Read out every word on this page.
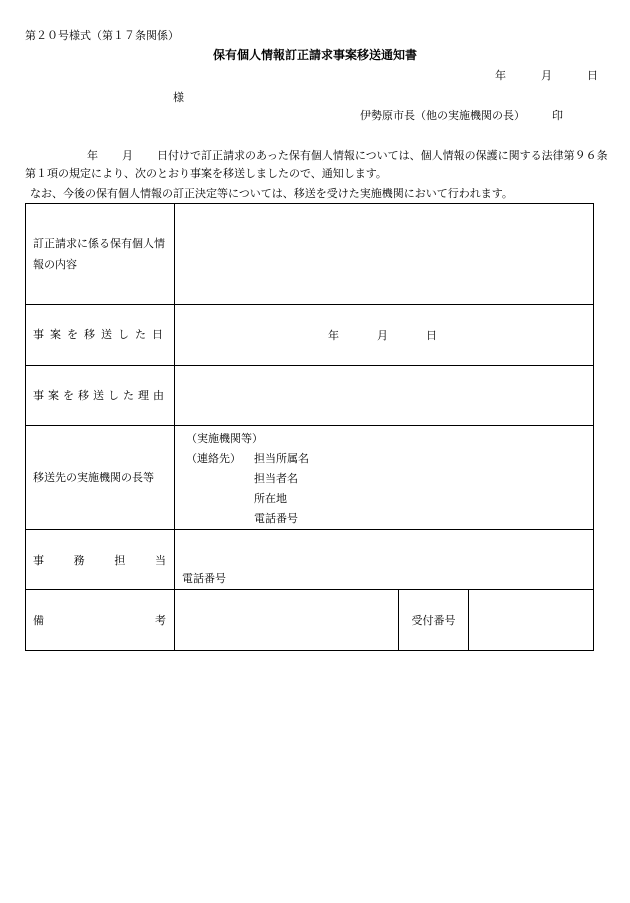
第２０号様式（第１７条関係）
保有個人情報訂正請求事案移送通知書
年	月	日
様
伊勢原市長（他の実施機関の長） 印
年 月 日付けで訂正請求のあった保有個人情報については、個人情報の保護に関する法律第９６条第１項の規定により、次のとおり事案を移送しましたので、通知します。
なお、今後の保有個人情報の訂正決定等については、移送を受けた実施機関において行われます。
訂正請求に係る保有個人情報の内容			

事案を移送した日	年 月 日		
事案を移送した理由			
移送先の実施機関の長等	（実施機関等）
（連絡先） 担当所属名
担当者名
所在地
電話番号		

事 務 担 当	電話番号		

備 考		受付番号	
